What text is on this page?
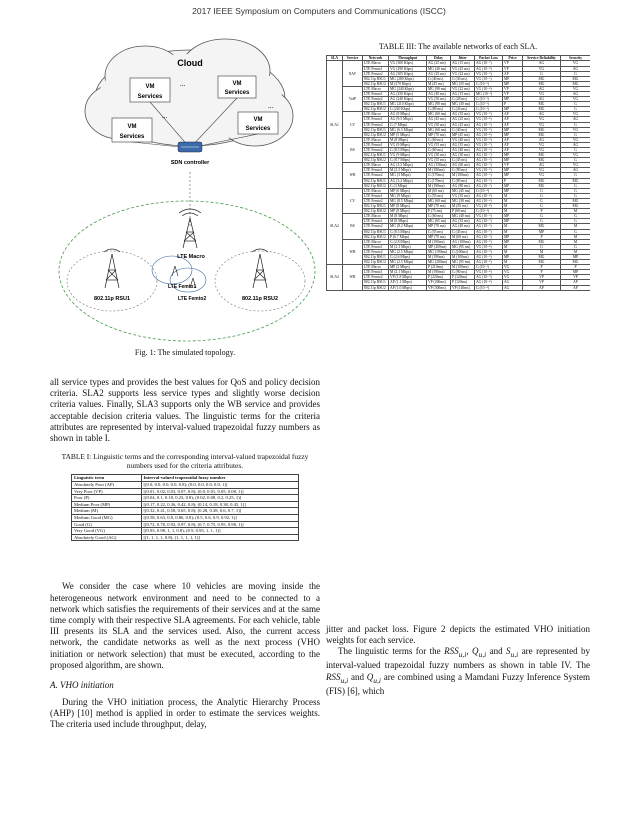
2017 IEEE Symposium on Computers and Communications (ISCC)
Cloud
VM
Services
VM
Services
VM
Services
VM
Services
...
...
...
SDN controller
LTE Macro
LTE Femto1
LTE Femto2
802.11p RSU1	802.11p RSU2
Fig. 1: The simulated topology.

all service types and provides the best values for QoS and policy decision criteria. SLA2 supports less service types and slightly worse decision criteria values. Finally, SLA3 supports only the WB service and provides acceptable decision criteria values. The linguistic terms for the criteria attributes are represented by interval-valued trapezoidal fuzzy numbers as shown in table I.

TABLE I: Linguistic terms and the corresponding interval-valued trapezoidal fuzzy numbers used for the criteria attributes.
Linguistic term	Interval-valued trapezoidal fuzzy number
Absolutely Poor (AP)	[(0.0, 0.0, 0.0, 0.0, 0.8); (0.0, 0.0, 0.0, 0.0, 1)]
Very Poor (VP)	[(0.01, 0.02, 0.03, 0.07, 0.8); (0.0, 0.01, 0.05, 0.08, 1)]
Poor (P)	[(0.04, 0.1, 0.18, 0.23, 0.8); (0.02, 0.08, 0.2, 0.25, 1)]
Medium Poor (MP)	[(0.17, 0.22, 0.36, 0.42, 0.8); (0.14, 0.18, 0.38, 0.45, 1)]
Medium (M)	[(0.32, 0.41, 0.58, 0.65, 0.8); (0.28, 0.38, 0.6, 0.7, 1)]
Medium Good (MG)	[(0.58, 0.63, 0.8, 0.86, 0.8); (0.5, 0.6, 0.9, 0.92, 1)]
Good (G)	[(0.72, 0.78, 0.92, 0.97, 0.8); (0.7, 0.75, 0.95, 0.98, 1)]
Very Good (VG)	[(0.93, 0.98, 1, 1, 0.8); (0.9, 0.95, 1, 1, 1)]
Absolutely Good (AG)	[(1, 1, 1, 1, 0.8); (1, 1, 1, 1, 1)]

We consider the case where 10 vehicles are moving inside the heterogeneous network environment and need to be connected to a network which satisfies the requirements of their services and at the same time comply with their respective SLA agreements. For each vehicle, table III presents its SLA and the services used. Also, the current access network, the candidate networks as well as the next process (VHO initiation or network selection) that must be executed, according to the proposed algorithm, are shown.

A. VHO initiation

During the VHO initiation process, the Analytic Hierarchy Process (AHP) [10] method is applied in order to estimate the services weights. The criteria used include throughput, delay,

TABLE III: The available networks of each SLA.
SLA	Service	Network	Throughput	Delay	Jitter	Packet Loss	Price	Service Reliability	Security
SLA1	NAV	LTE Macro	VG (300 Kbps)	AG (25 ms)	AG (15 ms)	AG (10⁻⁷)	VP	AG	VG
		LTE Femto1	VG (290 Kbps)	MG (40 ms)	VG (25 ms)	AG (10⁻⁸)	VP	VG	AG
		LTE Femto2	AG (305 Kbps)	AG (25 ms)	VG (22 ms)	VG (10⁻⁶)	AP	G	G
		802.11p RSU1	MG (280 Kbps)	G (40 ms)	G (30 ms)	VG (10⁻⁶)	MP	MG	MG
		802.11p RSU2	M (270 Kbps)	M (45 ms)	MG (35 ms)	G (10⁻⁵)	MP	MG	MG
	VoIP	LTE Macro	MG (240 Kbps)	MG (90 ms)	VG (22 ms)	VG (10⁻⁴)	VP	AG	VG
		LTE Femto1	AG (250 Kbps)	AG (40 ms)	AG (15 ms)	MG (10⁻²)	VP	VG	AG
		LTE Femto2	AG (240 Kbps)	VG (50 ms)	G (28 ms)	G (10⁻³)	MP	AG	VG
		802.11p RSU1	MG (210 Kbps)	MG (90 ms)	MG (30 ms)	G (10⁻³)	P	MG	G
		802.11p RSU2	G (220 Kbps)	G (80 ms)	G (26 ms)	G (10⁻³)	MP	MG	G
	CV	LTE Macro	AG (8 Mbps)	MG (60 ms)	AG (35 ms)	VG (10⁻⁵)	AP	AG	VG
		LTE Femto1	AG (9.5 Mbps)	AG (45 ms)	AG (25 ms)	VG (10⁻⁴)	AP	VG	AG
		LTE Femto2	G (7 Mbps)	VG (50 ms)	AG (25 ms)	AG (10⁻⁶)	AP	VG	G
		802.11p RSU1	MG (6.5 Mbps)	MG (60 ms)	G (40 ms)	VG (10⁻⁵)	MP	MG	VG
		802.11p RSU2	MP (5 Mbps)	MP (70 ms)	MP (45 ms)	AG (10⁻⁴)	MP	MG	G
	BS	LTE Macro	M (8 Mbps)	G (60 ms)	VG (40 ms)	VG (10⁻⁵)	AP	AG	VG
		LTE Femto1	VG (9 Mbps)	VG (55 ms)	AG (35 ms)	VG (10⁻⁷)	AP	VG	AG
		LTE Femto2	G (8.5 Mbps)	G (60 ms)	AG (40 ms)	AG (10⁻⁶)	AP	VG	G
		802.11p RSU1	VG (9 Mbps)	VG (50 ms)	AG (30 ms)	AG (10⁻⁷)	MP	MG	VG
		802.11p RSU2	G (8.7 Mbps)	VG (55 ms)	G (45 ms)	AG (10⁻⁶)	MP	MG	G
	WB	LTE Macro	AG (3.2 Mbps)	AG (150ms)	AG (60 ms)	AG (10⁻⁶)	VP	AG	VG
		LTE Femto1	M (2.5 Mbps)	M (180ms)	G (90 ms)	VG (10⁻⁵)	MP	VG	AG
		LTE Femto2	MG (3 Mbps)	G (170ms)	M (100ms)	AG (10⁻⁶)	MP	VG	G
		802.11p RSU1	AG (3.2 Mbps)	G (170ms)	G (80 ms)	AG (10⁻⁶)	P	MG	MG
		802.11p RSU2	G (3 Mbps)	M (190ms)	AG (80 ms)	AG (10⁻⁶)	MP	MG	G
SLA2	CV	LTE Macro	MP (6 Mbps)	M (65 ms)	MG (45 ms)	G (10⁻⁴)	MP	G	G
		LTE Femto1	MG (9 Mbps)	G (55 ms)	VG (35 ms)	AG (10⁻⁴)	M	G	G
		LTE Femto2	MG (8.5 Mbps)	MG (60 ms)	MG (30 ms)	AG (10⁻⁴)	M	G	MG
		802.11p RSU1	MP (8 Mbps)	MP (70 ms)	M (50 ms)	VG (10⁻⁴)	M	G	MG
		802.11p RSU2	MP (8 Mbps)	P (75 ms)	P (60 ms)	G (10⁻⁴)	M	P	M
	BS	LTE Macro	M (8 Mbps)	G (60 ms)	MG (40 ms)	VG (10⁻⁶)	MP	G	G
		LTE Femto1	M (8 Mbps)	MG (65 ms)	AG (35 ms)	AG (10⁻⁷)	MP	G	G
		LTE Femto2	MG (8.2 Mbps)	MP (70 ms)	AG (40 ms)	AG (10⁻⁶)	M	MG	M
		802.11p RSU1	G (8.5 Mbps)	G (55 ms)	G (45 ms)	AG (10⁻⁷)	M	MP	G
		802.11p RSU2	P (6.7 Mbps)	MP (70 ms)	M (60 ms)	AG (10⁻⁶)	MP	P	M
	WB	LTE Macro	G (2.8 Mbps)	M (190ms)	AG (100ms)	AG (10⁻⁵)	MP	MG	M
		LTE Femto1	M (2.3 Mbps)	MP (200ms)	MG (95 ms)	VG (10⁻⁴)	M	G	G
		LTE Femto2	MG (2.5 Mbps)	MG (190ms)	G (100ms)	AG (10⁻⁵)	M	M	M
		802.11p RSU1	G (2.6 Mbps)	M (190ms)	M (100ms)	AG (10⁻⁵)	MP	MG	MP
		802.11p RSU2	MG (2.5 Mbps)	MG (200ms)	MG (95 ms)	AG (10⁻⁵)	M	MG	MG
SLA3	WB	LTE Macro	MP (2 Mbps)	P (210ms)	M (100ms)	G (10⁻⁵)	VG	P	P
		LTE Femto1	M (2.1 Mbps)	M (190ms)	G (90 ms)	VG (10⁻⁴)	VG	P	MP
		LTE Femto2	VP (1.8 Mbps)	P (220ms)	P (120ms)	AG (10⁻⁵)	VG	VP	VP
		802.11p RSU1	AP (1.1 Mbps)	VP (260ms)	P (120ms)	AG (10⁻⁴)	AG	VP	AP
		802.11p RSU2	AP (1.0 Mbps)	VP (300ms)	VP (140ms)	G (10⁻⁴)	AG	AP	AP

jitter and packet loss. Figure 2 depicts the estimated VHO initiation weights for each service.

The linguistic terms for the $RSS_{u,i}$, $Q_{u,i}$ and $S_{u,i}$ are represented by interval-valued trapezoidal fuzzy numbers as shown in table IV. The $RSS_{u,i}$ and $Q_{u,i}$ are combined using a Mamdani Fuzzy Inference System (FIS) [6], which
